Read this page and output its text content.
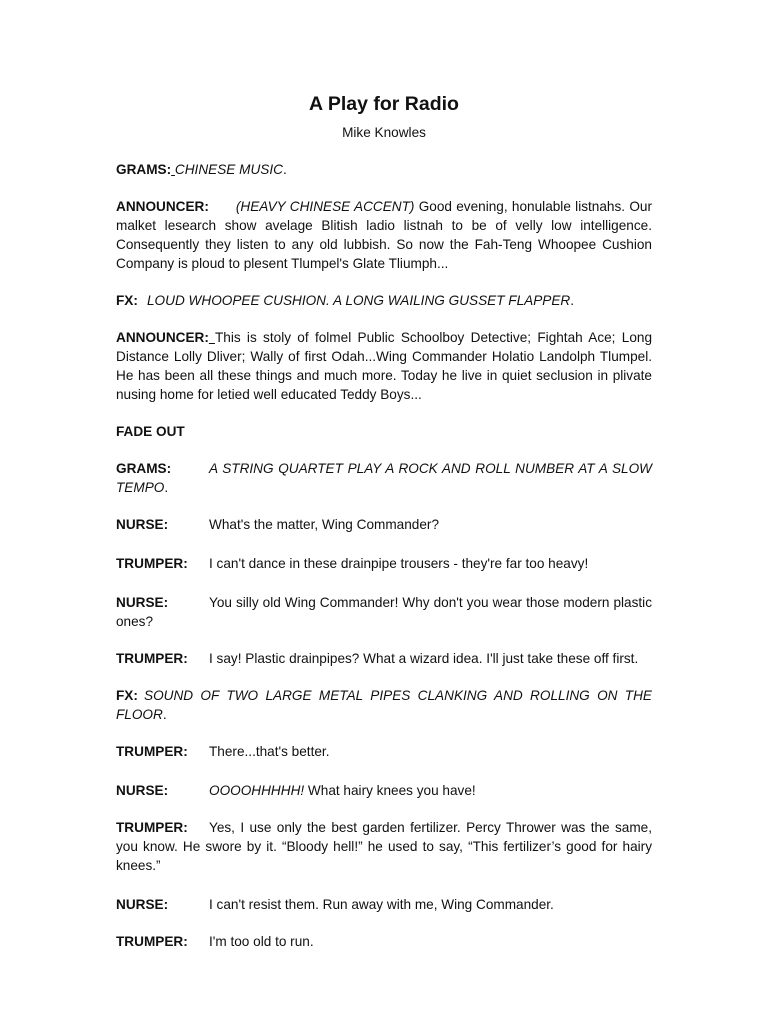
A Play for Radio

Mike Knowles

GRAMS: CHINESE MUSIC.

ANNOUNCER: (HEAVY CHINESE ACCENT) Good evening, honulable listnahs. Our malket lesearch show avelage Blitish ladio listnah to be of velly low intelligence. Consequently they listen to any old lubbish. So now the Fah-Teng Whoopee Cushion Company is ploud to plesent Tlumpel's Glate Tliumph...

FX: LOUD WHOOPEE CUSHION. A LONG WAILING GUSSET FLAPPER.

ANNOUNCER: This is stoly of folmel Public Schoolboy Detective; Fightah Ace; Long Distance Lolly Dliver; Wally of first Odah...Wing Commander Holatio Landolph Tlumpel. He has been all these things and much more. Today he live in quiet seclusion in plivate nusing home for letied well educated Teddy Boys...

FADE OUT

GRAMS:	A STRING QUARTET PLAY A ROCK AND ROLL NUMBER AT A SLOW TEMPO.

NURSE:	What's the matter, Wing Commander?

TRUMPER: I can't dance in these drainpipe trousers - they're far too heavy!

NURSE:	You silly old Wing Commander! Why don't you wear those modern plastic ones?

TRUMPER: I say! Plastic drainpipes? What a wizard idea. I'll just take these off first.

FX: SOUND OF TWO LARGE METAL PIPES CLANKING AND ROLLING ON THE FLOOR.

TRUMPER: There...that's better.

NURSE:	OOOOHHHHH! What hairy knees you have!

TRUMPER: Yes, I use only the best garden fertilizer. Percy Thrower was the same, you know. He swore by it. “Bloody hell!” he used to say, “This fertilizer’s good for hairy knees.”

NURSE:	I can't resist them. Run away with me, Wing Commander.

TRUMPER: I'm too old to run.
